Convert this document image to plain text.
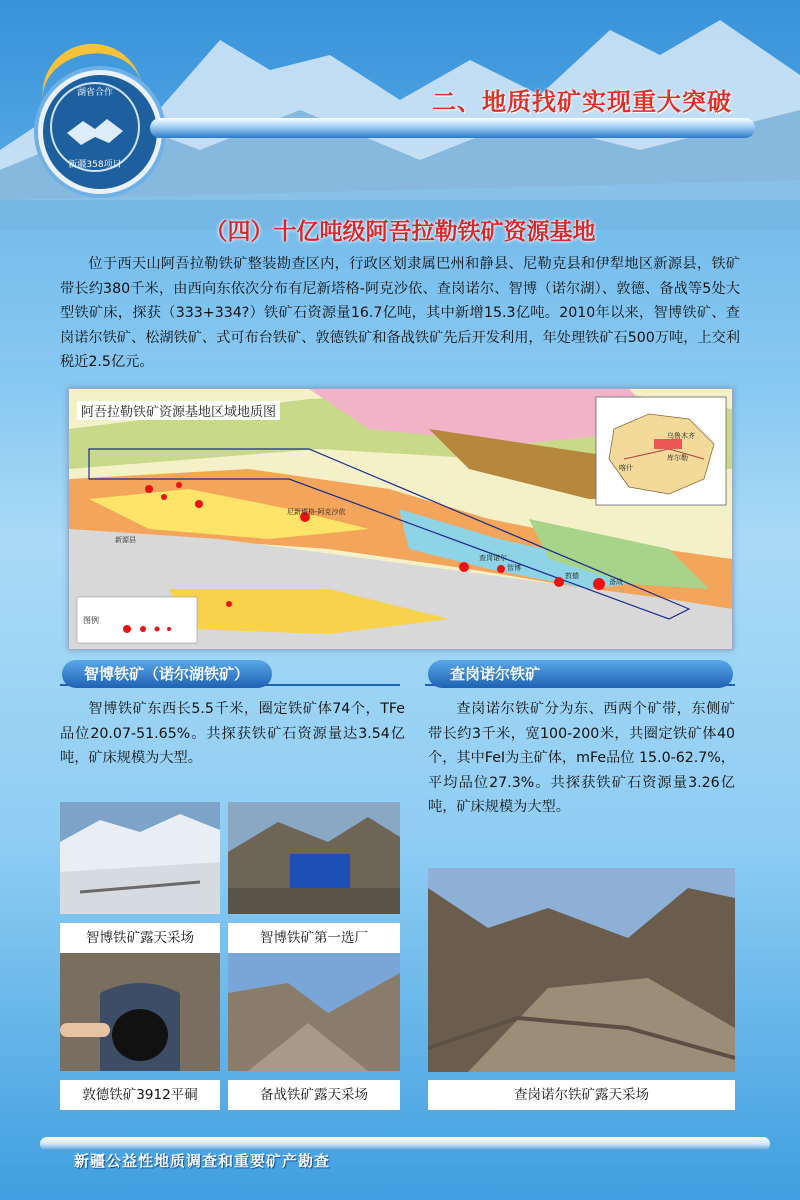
湖省合作
新疆358项目
二、地质找矿实现重大突破
（四）十亿吨级阿吾拉勒铁矿资源基地
位于西天山阿吾拉勒铁矿整装勘查区内，行政区划隶属巴州和静县、尼勒克县和伊犁地区新源县，铁矿带长约380千米，由西向东依次分布有尼新塔格-阿克沙依、查岗诺尔、智博（诺尔湖）、敦德、备战等5处大型铁矿床，探获（333+334?）铁矿石资源量16.7亿吨，其中新增15.3亿吨。2010年以来，智博铁矿、查岗诺尔铁矿、松湖铁矿、式可布台铁矿、敦德铁矿和备战铁矿先后开发利用，年处理铁矿石500万吨，上交利税近2.5亿元。
阿吾拉勒铁矿资源基地区域地质图
尼新塔格-阿克沙依
查岗诺尔
智博
敦德
备战
新源县
乌鲁木齐
库尔勒
喀什
图例
智博铁矿（诺尔湖铁矿）
智博铁矿东西长5.5千米，圈定铁矿体74个，TFe品位20.07-51.65%。共探获铁矿石资源量达3.54亿吨，矿床规模为大型。
查岗诺尔铁矿
查岗诺尔铁矿分为东、西两个矿带，东侧矿带长约3千米，宽100-200米，共圈定铁矿体40个，其中FeⅠ为主矿体，mFe品位 15.0-62.7%，平均品位27.3%。共探获铁矿石资源量3.26亿吨，矿床规模为大型。
智博铁矿露天采场	智博铁矿第一选厂
敦德铁矿3912平硐	备战铁矿露天采场	查岗诺尔铁矿露天采场
新疆公益性地质调查和重要矿产勘查
